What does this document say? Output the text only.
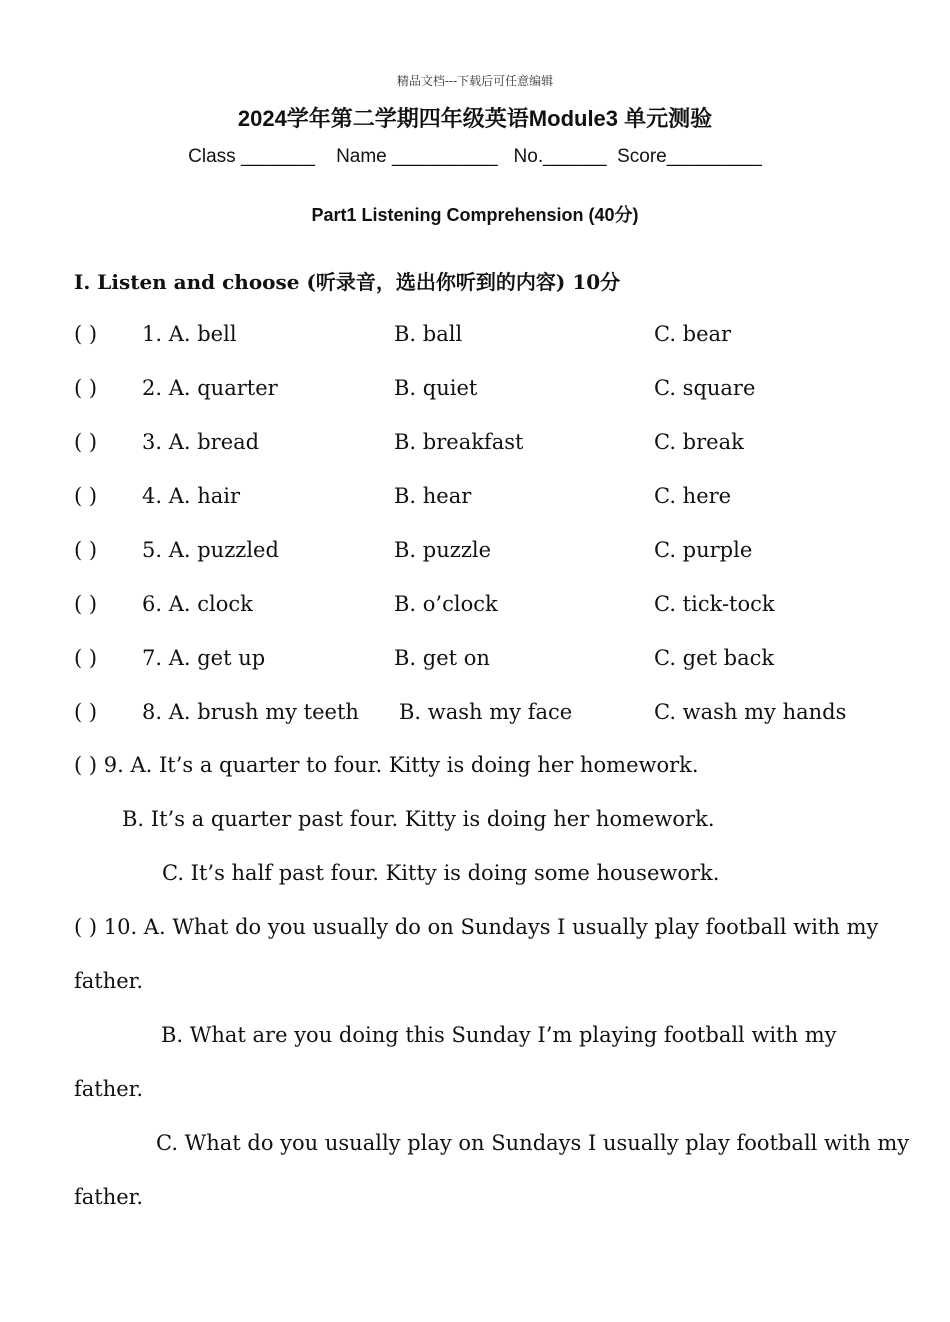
精品文档---下载后可任意编辑
2024学年第二学期四年级英语Module3 单元测验
Class _______ Name __________ No.______ Score_________
Part1 Listening Comprehension (40分)
I. Listen and choose (听录音，选出你听到的内容) 10分
( ) 1. A. bell	B. ball	C. bear
( ) 2. A. quarter	B. quiet	C. square
( ) 3. A. bread	B. breakfast	C. break
( ) 4. A. hair	B. hear	C. here
( ) 5. A. puzzled	B. puzzle	C. purple
( ) 6. A. clock	B. o’clock	C. tick-tock
( ) 7. A. get up	B. get on	C. get back
( ) 8. A. brush my teeth B. wash my face	C. wash my hands
( ) 9. A. It’s a quarter to four. Kitty is doing her homework.
B. It’s a quarter past four. Kitty is doing her homework.
C. It’s half past four. Kitty is doing some housework.
( ) 10. A. What do you usually do on Sundays I usually play football with my
father.
B. What are you doing this Sunday I’m playing football with my
father.
C. What do you usually play on Sundays I usually play football with my
father.
